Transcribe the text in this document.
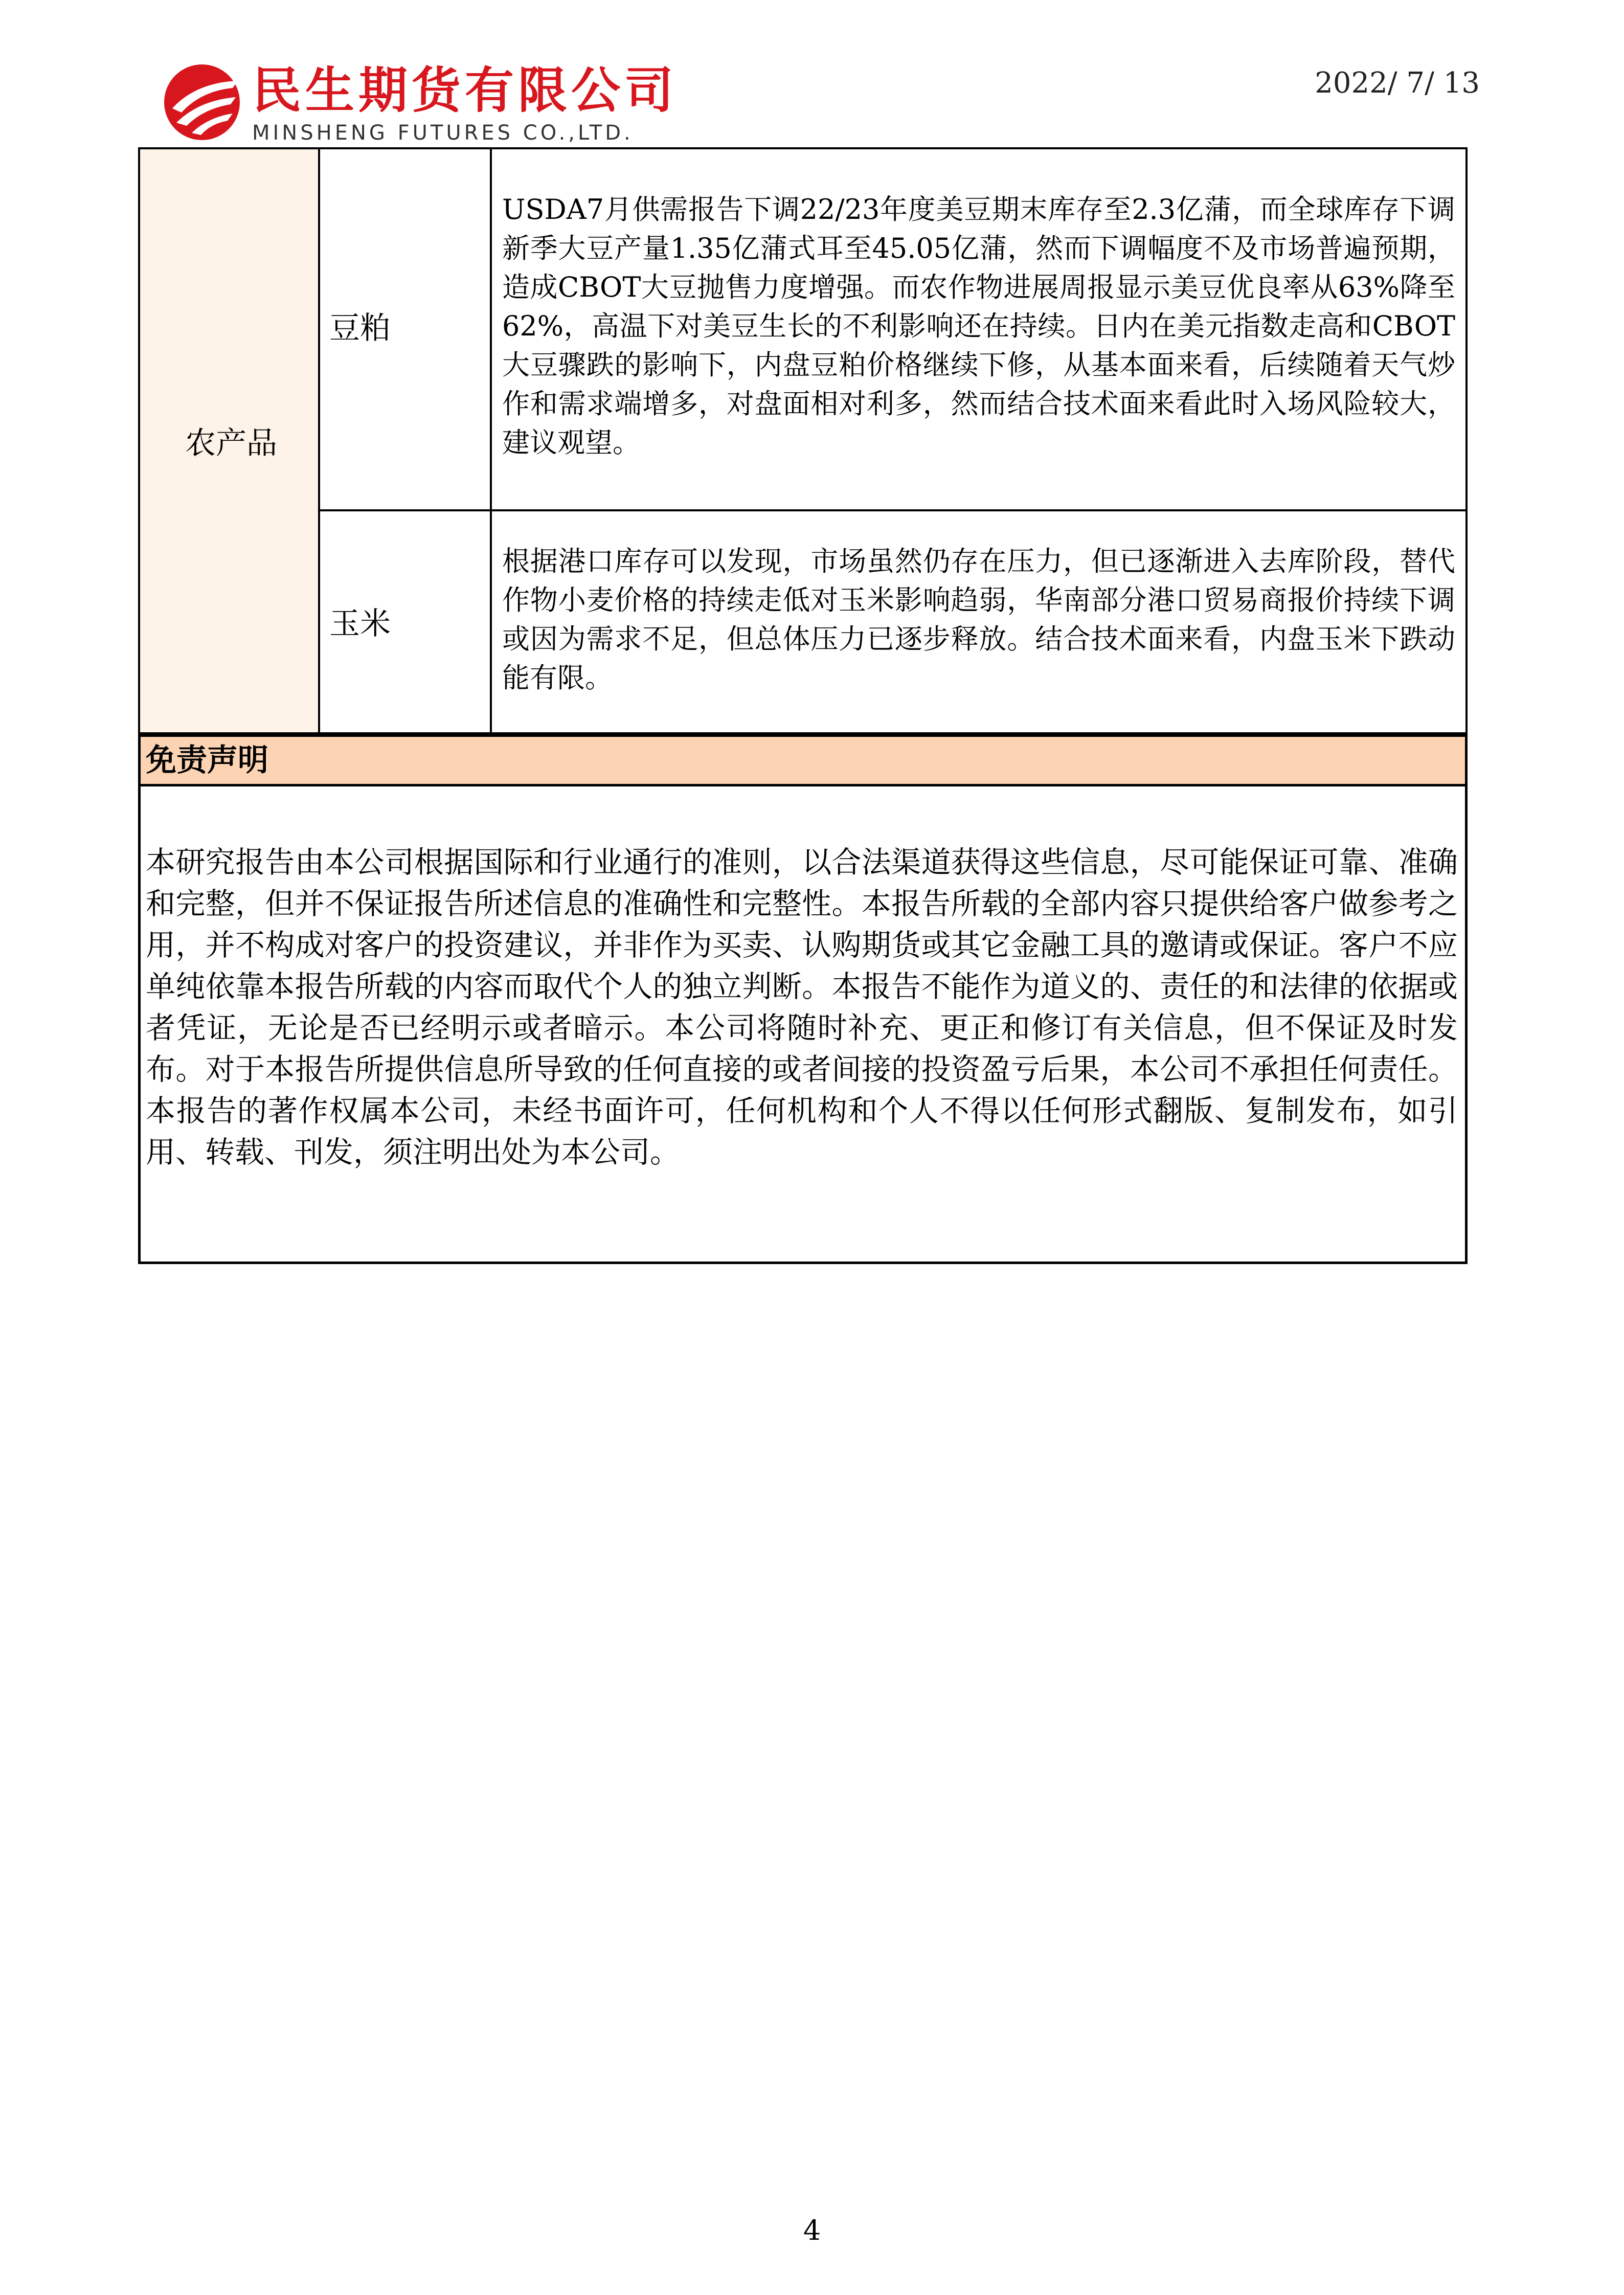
民生期货有限公司
MINSHENG FUTURES CO.,LTD.
2022/ 7/ 13
农产品
豆粕
USDA7月供需报告下调22/23年度美豆期末库存至2.3亿蒲，而全球库存下调新季大豆产量1.35亿蒲式耳至45.05亿蒲，然而下调幅度不及市场普遍预期，造成CBOT大豆抛售力度增强。而农作物进展周报显示美豆优良率从63%降至62%，高温下对美豆生长的不利影响还在持续。日内在美元指数走高和CBOT大豆骤跌的影响下，内盘豆粕价格继续下修，从基本面来看，后续随着天气炒作和需求端增多，对盘面相对利多，然而结合技术面来看此时入场风险较大，建议观望。
玉米
根据港口库存可以发现，市场虽然仍存在压力，但已逐渐进入去库阶段，替代作物小麦价格的持续走低对玉米影响趋弱，华南部分港口贸易商报价持续下调或因为需求不足，但总体压力已逐步释放。结合技术面来看，内盘玉米下跌动能有限。
免责声明
本研究报告由本公司根据国际和行业通行的准则，以合法渠道获得这些信息，尽可能保证可靠、准确和完整，但并不保证报告所述信息的准确性和完整性。本报告所载的全部内容只提供给客户做参考之用，并不构成对客户的投资建议，并非作为买卖、认购期货或其它金融工具的邀请或保证。客户不应单纯依靠本报告所载的内容而取代个人的独立判断。本报告不能作为道义的、责任的和法律的依据或者凭证，无论是否已经明示或者暗示。本公司将随时补充、更正和修订有关信息，但不保证及时发布。对于本报告所提供信息所导致的任何直接的或者间接的投资盈亏后果，本公司不承担任何责任。本报告的著作权属本公司，未经书面许可，任何机构和个人不得以任何形式翻版、复制发布，如引用、转载、刊发，须注明出处为本公司。
4
